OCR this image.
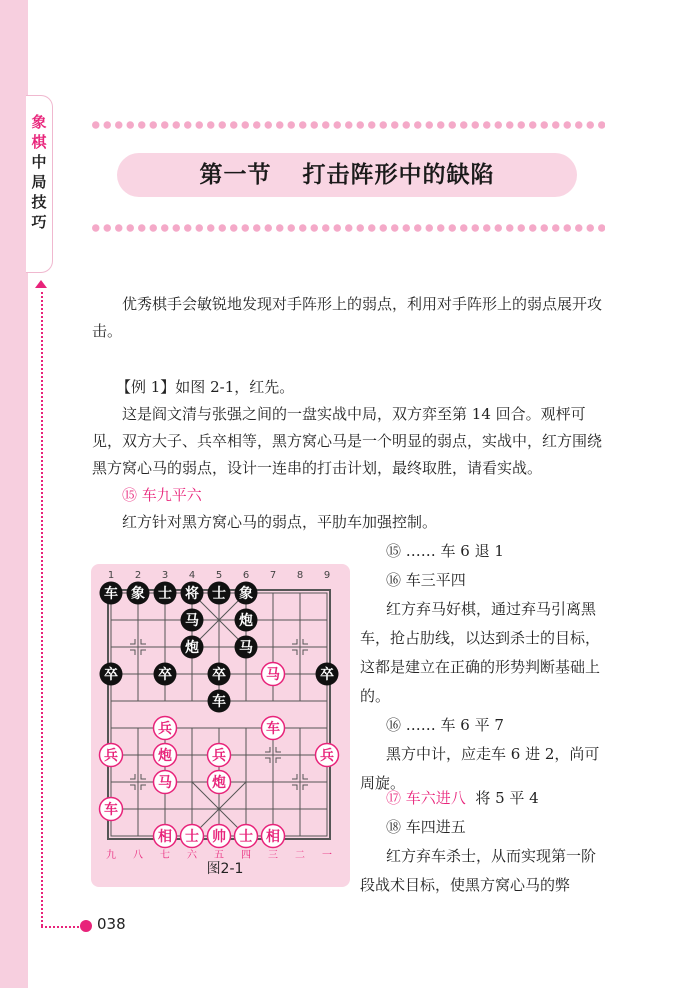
象棋中局技巧
038
第一节 打击阵形中的缺陷

优秀棋手会敏锐地发现对手阵形上的弱点，利用对手阵形上的弱点展开攻击。

【例 1】如图 2-1，红先。

这是阎文清与张强之间的一盘实战中局，双方弈至第 14 回合。观枰可见，双方大子、兵卒相等，黑方窝心马是一个明显的弱点，实战中，红方围绕黑方窝心马的弱点，设计一连串的打击计划，最终取胜，请看实战。

⑮ 车九平六
红方针对黑方窝心马的弱点，平肋车加强控制。
1 2 3 4 5 6 7 8 9
九 八 七 六 五 四 三 二 一
车 象 士 将 士 象
炮
马
炮	马
卒	卒	卒	卒
车
马
兵	车
兵	炮	兵	兵
马	炮
车
相 士 帅 士 相
图2-1
⑮ …… 车 6 退 1
⑯ 车三平四

红方弃马好棋，通过弃马引离黑车，抢占肋线，以达到杀士的目标，这都是建立在正确的形势判断基础上的。

⑯ …… 车 6 平 7

黑方中计，应走车 6 进 2，尚可周旋。

⑰ 车六进八 将 5 平 4
⑱ 车四进五

红方弃车杀士，从而实现第一阶段战术目标，使黑方窝心马的弊
